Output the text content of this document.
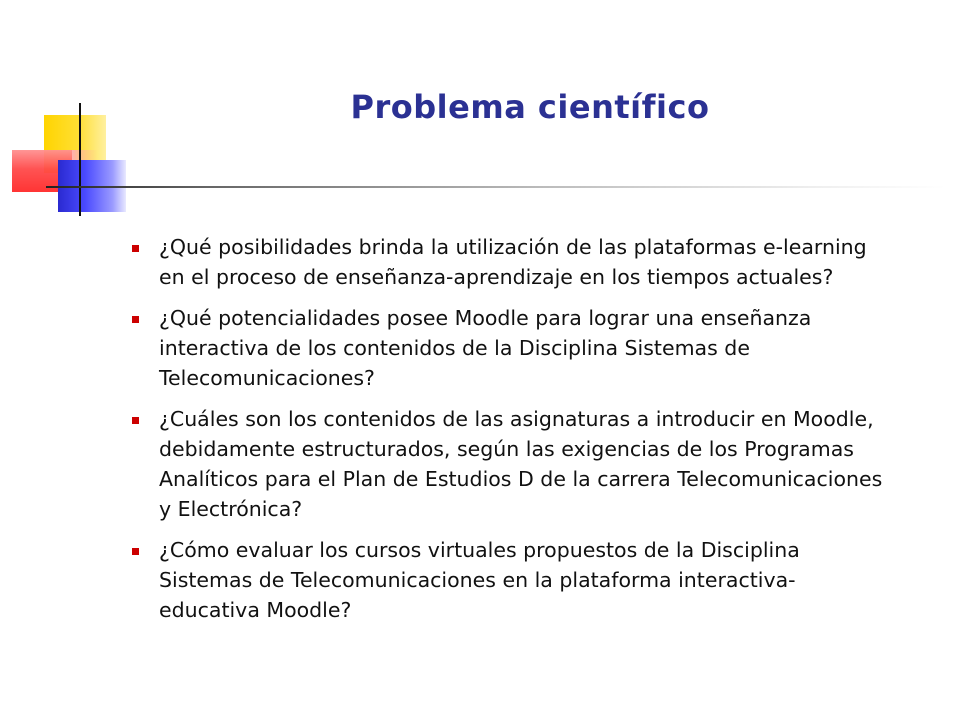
Problema científico
¿Qué posibilidades brinda la utilización de las plataformas e-learning en el proceso de enseñanza-aprendizaje en los tiempos actuales?
¿Qué potencialidades posee Moodle para lograr una enseñanza interactiva de los contenidos de la Disciplina Sistemas de Telecomunicaciones?
¿Cuáles son los contenidos de las asignaturas a introducir en Moodle, debidamente estructurados, según las exigencias de los Programas Analíticos para el Plan de Estudios D de la carrera Telecomunicaciones y Electrónica?
¿Cómo evaluar los cursos virtuales propuestos de la Disciplina Sistemas de Telecomunicaciones en la plataforma interactiva-educativa Moodle?
